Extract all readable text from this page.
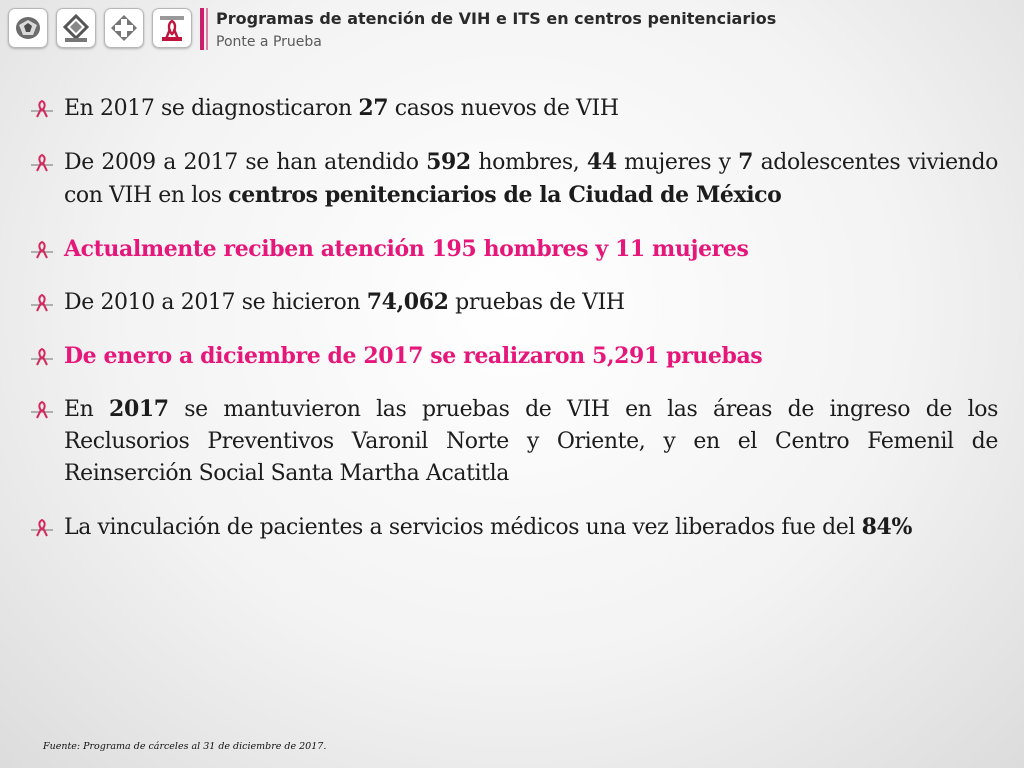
Programas de atención de VIH e ITS en centros penitenciarios
Ponte a Prueba
En 2017 se diagnosticaron 27 casos nuevos de VIH
De 2009 a 2017 se han atendido 592 hombres, 44 mujeres y 7 adolescentes viviendo con VIH en los centros penitenciarios de la Ciudad de México
Actualmente reciben atención 195 hombres y 11 mujeres
De 2010 a 2017 se hicieron 74,062 pruebas de VIH
De enero a diciembre de 2017 se realizaron 5,291 pruebas
En 2017 se mantuvieron las pruebas de VIH en las áreas de ingreso de los Reclusorios Preventivos Varonil Norte y Oriente, y en el Centro Femenil de Reinserción Social Santa Martha Acatitla
La vinculación de pacientes a servicios médicos una vez liberados fue del 84%
Fuente: Programa de cárceles al 31 de diciembre de 2017.
